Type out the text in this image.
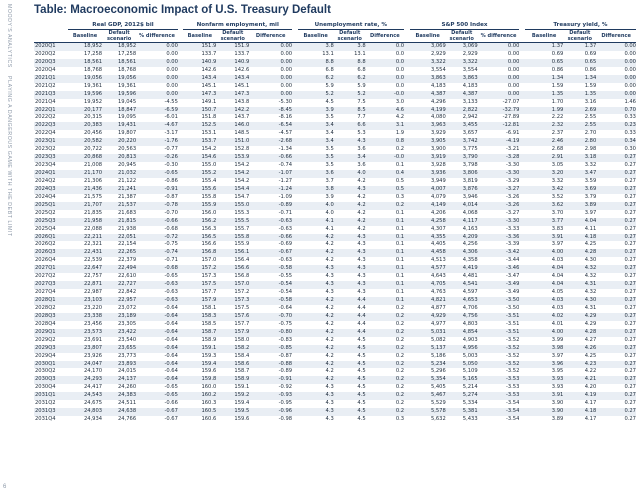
MOODY'S ANALYTICS    PLAYING A DANGEROUS GAME WITH THE DEBT LIMIT
6
Table: Macroeconomic Impact of U.S. Treasury Default
	Real GDP, 2012$ bil				Nonfarm employment, mil				Unemployment rate, %				S&P 500 Index				Treasury yield, %		
	Baseline	Default scenario	% difference		Baseline	Default scenario	Difference		Baseline	Default scenario	Difference		Baseline	Default scenario	% difference		Baseline	Default scenario	Difference
2020Q1	18,952	18,952	0.00		151.9	151.9	0.00		3.8	3.8	0.0		3,069	3,069	0.00		1.37	1.37	0.00
2020Q2	17,258	17,258	0.00		133.7	133.7	0.00		13.1	13.1	0.0		2,929	2,929	0.00		0.69	0.69	0.00
2020Q3	18,561	18,561	0.00		140.9	140.9	0.00		8.8	8.8	0.0		3,322	3,322	0.00		0.65	0.65	0.00
2020Q4	18,768	18,768	0.00		142.6	142.6	0.00		6.8	6.8	0.0		3,554	3,554	0.00		0.86	0.86	0.00
2021Q1	19,056	19,056	0.00		143.4	143.4	0.00		6.2	6.2	0.0		3,863	3,863	0.00		1.34	1.34	0.00
2021Q2	19,361	19,361	0.00		145.1	145.1	0.00		5.9	5.9	0.0		4,183	4,183	0.00		1.59	1.59	0.00
2021Q3	19,596	19,596	0.00		147.3	147.3	0.00		5.2	5.2	-0.0		4,387	4,387	0.00		1.35	1.35	0.00
2021Q4	19,952	19,045	-4.55		149.1	143.8	-5.30		4.5	7.5	3.0		4,296	3,133	-27.07		1.70	3.16	1.46
2022Q1	20,177	18,847	-6.59		150.7	142.2	-8.45		3.9	8.5	4.6		4,199	2,822	-32.79		1.99	2.69	0.70
2022Q2	20,315	19,095	-6.01		151.8	143.7	-8.16		3.5	7.7	4.2		4,080	2,942	-27.89		2.22	2.55	0.33
2022Q3	20,383	19,431	-4.67		152.5	146.0	-6.54		3.4	6.6	3.1		3,963	3,455	-12.81		2.32	2.55	0.23
2022Q4	20,456	19,807	-3.17		153.1	148.5	-4.57		3.4	5.3	1.9		3,929	3,657	-6.91		2.37	2.70	0.33
2023Q1	20,582	20,220	-1.76		153.7	151.0	-2.68		3.4	4.3	0.8		3,905	3,742	-4.19		2.46	2.80	0.34
2023Q2	20,722	20,563	-0.77		154.2	152.8	-1.34		3.5	3.6	0.2		3,900	3,775	-3.21		2.68	2.98	0.30
2023Q3	20,868	20,813	-0.26		154.6	153.9	-0.66		3.5	3.4	-0.0		3,919	3,790	-3.28		2.91	3.18	0.27
2023Q4	21,008	20,945	-0.30		155.0	154.2	-0.74		3.5	3.6	0.1		3,928	3,798	-3.30		3.05	3.32	0.27
2024Q1	21,170	21,032	-0.65		155.2	154.2	-1.07		3.6	4.0	0.4		3,936	3,806	-3.30		3.20	3.47	0.27
2024Q2	21,306	21,122	-0.86		155.4	154.2	-1.27		3.7	4.2	0.5		3,949	3,819	-3.29		3.32	3.59	0.27
2024Q3	21,436	21,241	-0.91		155.6	154.4	-1.24		3.8	4.3	0.5		4,007	3,876	-3.27		3.42	3.69	0.27
2024Q4	21,575	21,387	-0.87		155.8	154.7	-1.09		3.9	4.2	0.3		4,079	3,946	-3.26		3.52	3.79	0.27
2025Q1	21,707	21,537	-0.78		155.9	155.0	-0.89		4.0	4.2	0.2		4,149	4,014	-3.26		3.62	3.89	0.27
2025Q2	21,835	21,683	-0.70		156.0	155.3	-0.71		4.0	4.2	0.1		4,206	4,068	-3.27		3.70	3.97	0.27
2025Q3	21,958	21,815	-0.66		156.2	155.5	-0.63		4.1	4.2	0.1		4,258	4,117	-3.30		3.77	4.04	0.27
2025Q4	22,088	21,938	-0.68		156.3	155.7	-0.63		4.1	4.2	0.1		4,307	4,163	-3.33		3.83	4.11	0.27
2026Q1	22,211	22,051	-0.72		156.5	155.8	-0.66		4.2	4.3	0.1		4,355	4,209	-3.36		3.91	4.18	0.27
2026Q2	22,321	22,154	-0.75		156.6	155.9	-0.69		4.2	4.3	0.1		4,405	4,256	-3.39		3.97	4.25	0.27
2026Q3	22,431	22,265	-0.74		156.8	156.1	-0.67		4.2	4.3	0.1		4,458	4,306	-3.42		4.00	4.28	0.27
2026Q4	22,539	22,379	-0.71		157.0	156.4	-0.63		4.2	4.3	0.1		4,513	4,358	-3.44		4.03	4.30	0.27
2027Q1	22,647	22,494	-0.68		157.2	156.6	-0.58		4.3	4.3	0.1		4,577	4,419	-3.46		4.04	4.32	0.27
2027Q2	22,757	22,610	-0.65		157.3	156.8	-0.55		4.3	4.3	0.1		4,643	4,481	-3.47		4.04	4.32	0.27
2027Q3	22,871	22,727	-0.63		157.5	157.0	-0.54		4.3	4.3	0.1		4,705	4,541	-3.49		4.04	4.31	0.27
2027Q4	22,987	22,842	-0.63		157.7	157.2	-0.54		4.3	4.3	0.1		4,763	4,597	-3.49		4.05	4.32	0.27
2028Q1	23,103	22,957	-0.63		157.9	157.3	-0.58		4.2	4.4	0.1		4,821	4,653	-3.50		4.03	4.30	0.27
2028Q2	23,220	23,072	-0.64		158.1	157.5	-0.64		4.2	4.4	0.2		4,877	4,706	-3.50		4.03	4.31	0.27
2028Q3	23,338	23,189	-0.64		158.3	157.6	-0.70		4.2	4.4	0.2		4,929	4,756	-3.51		4.02	4.29	0.27
2028Q4	23,456	23,305	-0.64		158.5	157.7	-0.75		4.2	4.4	0.2		4,977	4,803	-3.51		4.01	4.29	0.27
2029Q1	23,573	23,422	-0.64		158.7	157.9	-0.80		4.2	4.4	0.2		5,031	4,854	-3.51		4.00	4.28	0.27
2029Q2	23,691	23,540	-0.64		158.9	158.0	-0.83		4.2	4.5	0.2		5,082	4,903	-3.52		3.99	4.27	0.27
2029Q3	23,807	23,655	-0.64		159.1	158.2	-0.85		4.2	4.5	0.2		5,137	4,956	-3.52		3.98	4.26	0.27
2029Q4	23,926	23,773	-0.64		159.3	158.4	-0.87		4.2	4.5	0.2		5,186	5,003	-3.52		3.97	4.25	0.27
2030Q1	24,047	23,893	-0.64		159.4	158.6	-0.88		4.2	4.5	0.2		5,234	5,050	-3.52		3.96	4.23	0.27
2030Q2	24,170	24,015	-0.64		159.6	158.7	-0.89		4.2	4.5	0.2		5,296	5,109	-3.52		3.95	4.22	0.27
2030Q3	24,293	24,137	-0.64		159.8	158.9	-0.91		4.2	4.5	0.2		5,354	5,165	-3.53		3.93	4.21	0.27
2030Q4	24,417	24,260	-0.65		160.0	159.1	-0.92		4.3	4.5	0.2		5,405	5,214	-3.53		3.93	4.20	0.27
2031Q1	24,543	24,383	-0.65		160.2	159.2	-0.93		4.3	4.5	0.2		5,467	5,274	-3.53		3.91	4.19	0.27
2031Q2	24,675	24,511	-0.66		160.3	159.4	-0.95		4.3	4.5	0.2		5,529	5,334	-3.54		3.90	4.17	0.27
2031Q3	24,803	24,638	-0.67		160.5	159.5	-0.96		4.3	4.5	0.2		5,578	5,381	-3.54		3.90	4.18	0.27
2031Q4	24,934	24,766	-0.67		160.6	159.6	-0.98		4.3	4.5	0.3		5,632	5,433	-3.54		3.89	4.17	0.27
